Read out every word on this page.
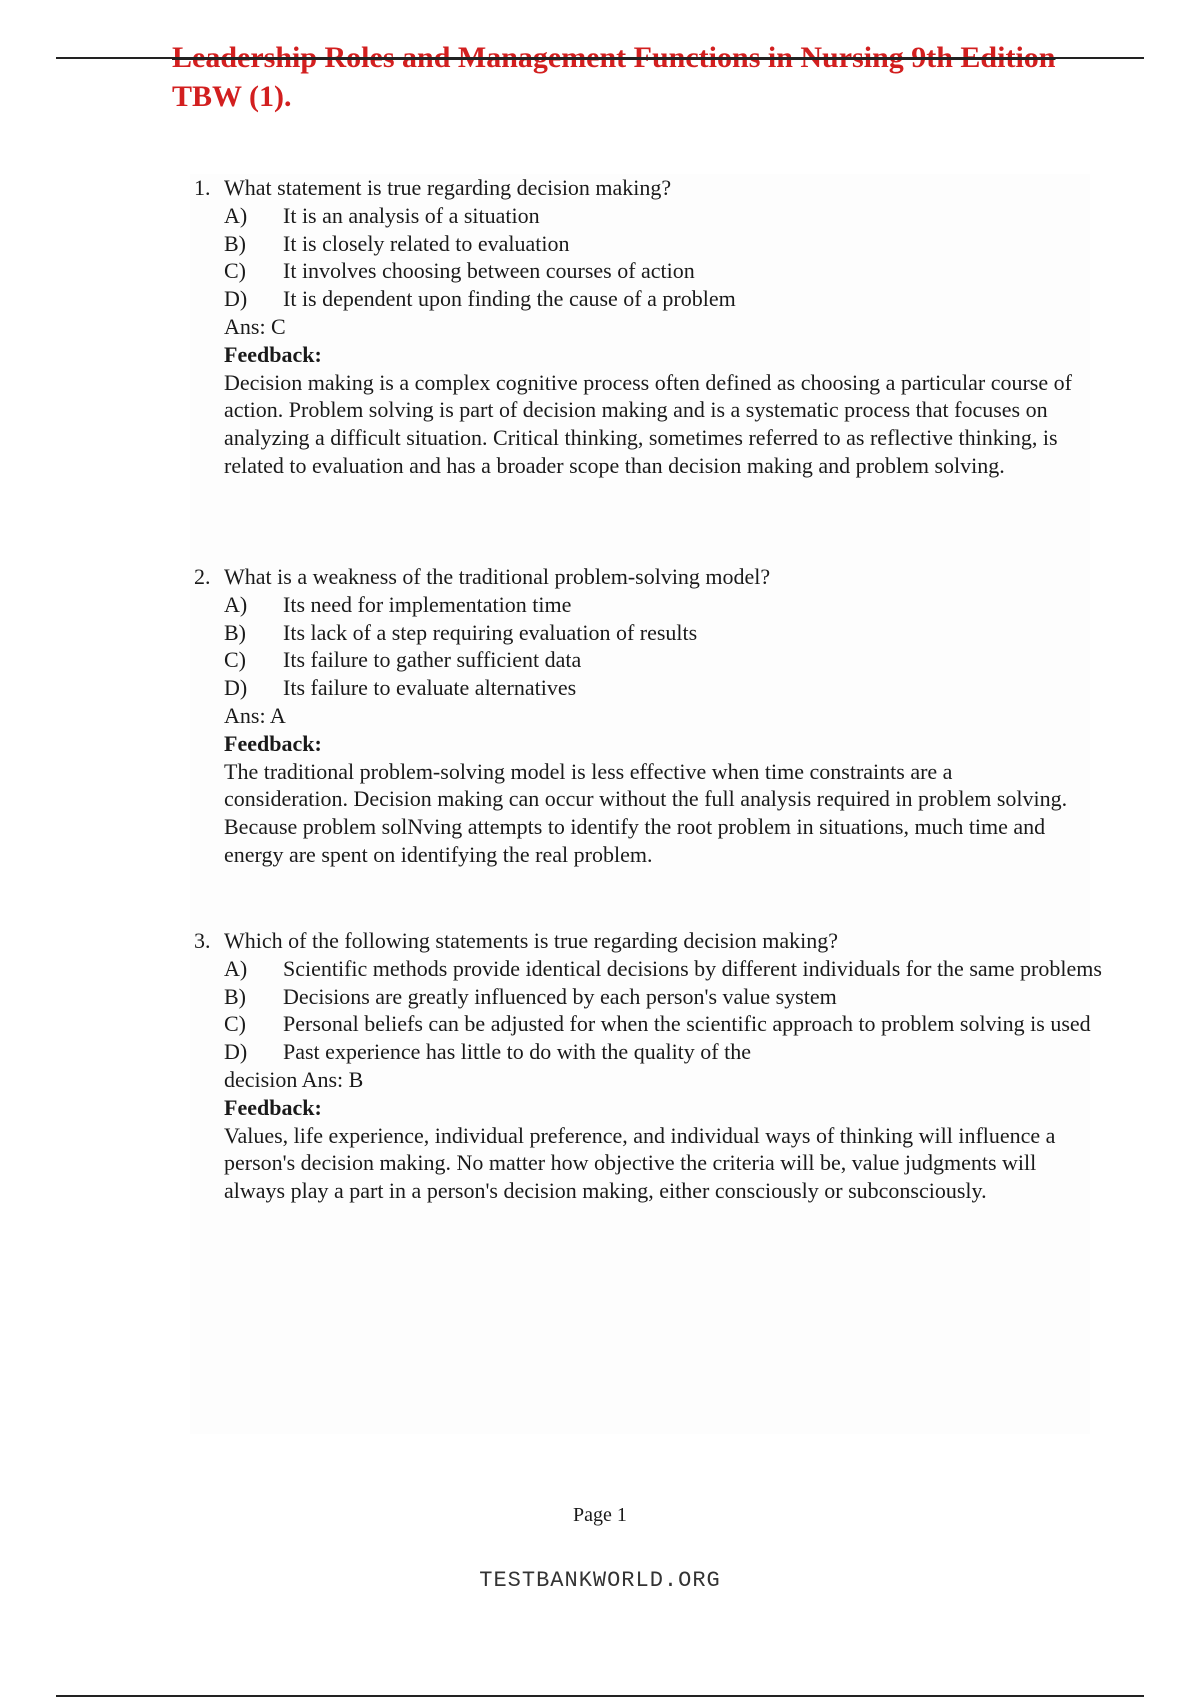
Leadership Roles and Management Functions in Nursing 9th Edition
TBW (1).
1. What statement is true regarding decision making?
A) It is an analysis of a situation
B) It is closely related to evaluation
C) It involves choosing between courses of action
D) It is dependent upon finding the cause of a problem
Ans: C
Feedback:
Decision making is a complex cognitive process often defined as choosing a particular course of action. Problem solving is part of decision making and is a systematic process that focuses on analyzing a difficult situation. Critical thinking, sometimes referred to as reflective thinking, is related to evaluation and has a broader scope than decision making and problem solving.
2. What is a weakness of the traditional problem-solving model?
A) Its need for implementation time
B) Its lack of a step requiring evaluation of results
C) Its failure to gather sufficient data
D) Its failure to evaluate alternatives
Ans: A
Feedback:
The traditional problem-solving model is less effective when time constraints are a consideration. Decision making can occur without the full analysis required in problem solving. Because problem solNving attempts to identify the root problem in situations, much time and energy are spent on identifying the real problem.
3. Which of the following statements is true regarding decision making?
A) Scientific methods provide identical decisions by different individuals for the same problems
B) Decisions are greatly influenced by each person's value system
C) Personal beliefs can be adjusted for when the scientific approach to problem solving is used
D) Past experience has little to do with the quality of the
decision Ans: B
Feedback:
Values, life experience, individual preference, and individual ways of thinking will influence a person's decision making. No matter how objective the criteria will be, value judgments will always play a part in a person's decision making, either consciously or subconsciously.
Page 1
TESTBANKWORLD.ORG
